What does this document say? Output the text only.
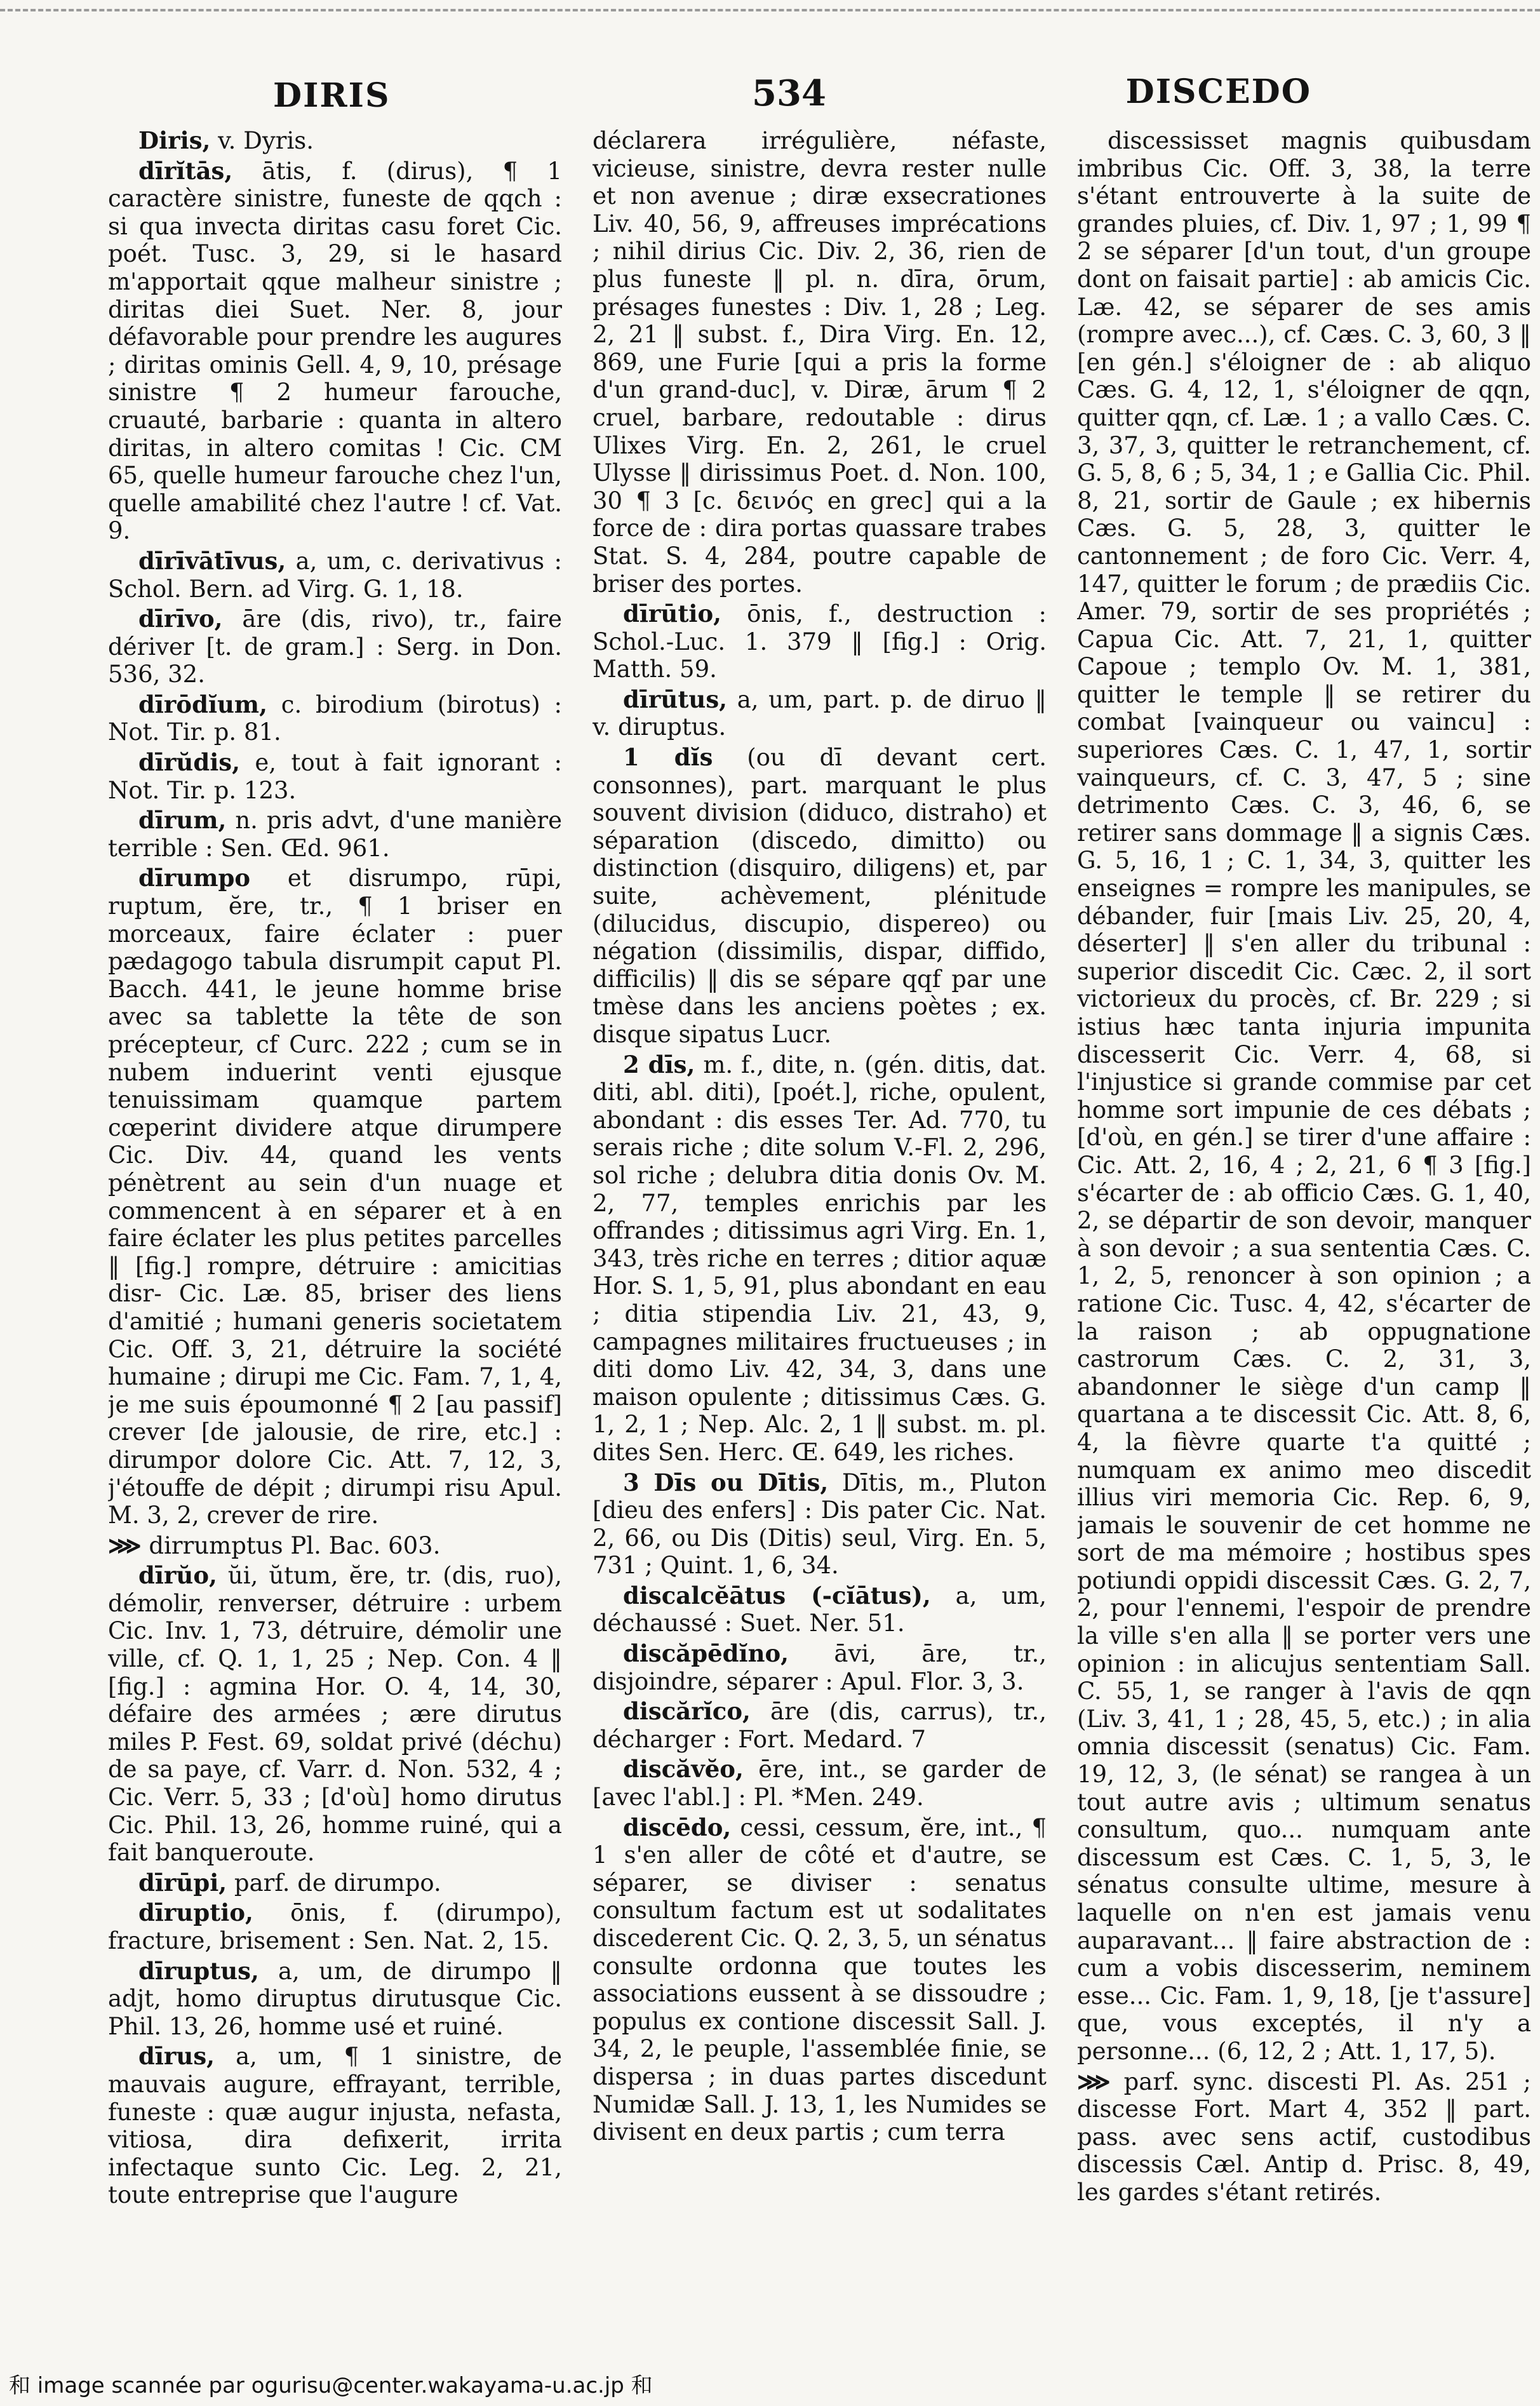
DIRIS	534	DISCEDO

Diris, v. Dyris.

dīrĭtās, ātis, f. (dirus), ¶ 1 caractère sinistre, funeste de qqch : si qua invecta diritas casu foret Cic. poét. Tusc. 3, 29, si le hasard m'apportait qque malheur sinistre ; diritas diei Suet. Ner. 8, jour défavorable pour prendre les augures ; diritas ominis Gell. 4, 9, 10, présage sinistre ¶ 2 humeur farouche, cruauté, barbarie : quanta in altero diritas, in altero comitas ! Cic. CM 65, quelle humeur farouche chez l'un, quelle amabilité chez l'autre ! cf. Vat. 9.

dīrīvātīvus, a, um, c. derivativus : Schol. Bern. ad Virg. G. 1, 18.

dīrīvo, āre (dis, rivo), tr., faire dériver [t. de gram.] : Serg. in Don. 536, 32.

dīrōdĭum, c. birodium (birotus) : Not. Tir. p. 81.

dīrŭdis, e, tout à fait ignorant : Not. Tir. p. 123.

dīrum, n. pris advt, d'une manière terrible : Sen. Œd. 961.

dīrumpo et disrumpo, rūpi, ruptum, ĕre, tr., ¶ 1 briser en morceaux, faire éclater : puer pædagogo tabula disrumpit caput Pl. Bacch. 441, le jeune homme brise avec sa tablette la tête de son précepteur, cf Curc. 222 ; cum se in nubem induerint venti ejusque tenuissimam quamque partem cœperint dividere atque dirumpere Cic. Div. 44, quand les vents pénètrent au sein d'un nuage et commencent à en séparer et à en faire éclater les plus petites parcelles ‖ [fig.] rompre, détruire : amicitias disr- Cic. Læ. 85, briser des liens d'amitié ; humani generis societatem Cic. Off. 3, 21, détruire la société humaine ; dirupi me Cic. Fam. 7, 1, 4, je me suis époumonné ¶ 2 [au passif] crever [de jalousie, de rire, etc.] : dirumpor dolore Cic. Att. 7, 12, 3, j'étouffe de dépit ; dirumpi risu Apul. M. 3, 2, crever de rire.

⋙ dirrumptus Pl. Bac. 603.

dīrŭo, ŭi, ŭtum, ĕre, tr. (dis, ruo), démolir, renverser, détruire : urbem Cic. Inv. 1, 73, détruire, démolir une ville, cf. Q. 1, 1, 25 ; Nep. Con. 4 ‖ [fig.] : agmina Hor. O. 4, 14, 30, défaire des armées ; ære dirutus miles P. Fest. 69, soldat privé (déchu) de sa paye, cf. Varr. d. Non. 532, 4 ; Cic. Verr. 5, 33 ; [d'où] homo dirutus Cic. Phil. 13, 26, homme ruiné, qui a fait banqueroute.

dīrūpi, parf. de dirumpo.

dīruptio, ōnis, f. (dirumpo), fracture, brisement : Sen. Nat. 2, 15.

dīruptus, a, um, de dirumpo ‖ adjt, homo diruptus dirutusque Cic. Phil. 13, 26, homme usé et ruiné.

dīrus, a, um, ¶ 1 sinistre, de mauvais augure, effrayant, terrible, funeste : quæ augur injusta, nefasta, vitiosa, dira defixerit, irrita infectaque sunto Cic. Leg. 2, 21, toute entreprise que l'augure

déclarera irrégulière, néfaste, vicieuse, sinistre, devra rester nulle et non avenue ; diræ exsecrationes Liv. 40, 56, 9, affreuses imprécations ; nihil dirius Cic. Div. 2, 36, rien de plus funeste ‖ pl. n. dīra, ōrum, présages funestes : Div. 1, 28 ; Leg. 2, 21 ‖ subst. f., Dira Virg. En. 12, 869, une Furie [qui a pris la forme d'un grand-duc], v. Diræ, ārum ¶ 2 cruel, barbare, redoutable : dirus Ulixes Virg. En. 2, 261, le cruel Ulysse ‖ dirissimus Poet. d. Non. 100, 30 ¶ 3 [c. δεινός en grec] qui a la force de : dira portas quassare trabes Stat. S. 4, 284, poutre capable de briser des portes.

dīrūtio, ōnis, f., destruction : Schol.-Luc. 1. 379 ‖ [fig.] : Orig. Matth. 59.

dīrūtus, a, um, part. p. de diruo ‖ v. diruptus.

1 dĭs (ou dī devant cert. consonnes), part. marquant le plus souvent division (diduco, distraho) et séparation (discedo, dimitto) ou distinction (disquiro, diligens) et, par suite, achèvement, plénitude (dilucidus, discupio, dispereo) ou négation (dissimilis, dispar, diffido, difficilis) ‖ dis se sépare qqf par une tmèse dans les anciens poètes ; ex. disque sipatus Lucr.

2 dīs, m. f., dite, n. (gén. ditis, dat. diti, abl. diti), [poét.], riche, opulent, abondant : dis esses Ter. Ad. 770, tu serais riche ; dite solum V.-Fl. 2, 296, sol riche ; delubra ditia donis Ov. M. 2, 77, temples enrichis par les offrandes ; ditissimus agri Virg. En. 1, 343, très riche en terres ; ditior aquæ Hor. S. 1, 5, 91, plus abondant en eau ; ditia stipendia Liv. 21, 43, 9, campagnes militaires fructueuses ; in diti domo Liv. 42, 34, 3, dans une maison opulente ; ditissimus Cæs. G. 1, 2, 1 ; Nep. Alc. 2, 1 ‖ subst. m. pl. dites Sen. Herc. Œ. 649, les riches.

3 Dīs ou Dītis, Dītis, m., Pluton [dieu des enfers] : Dis pater Cic. Nat. 2, 66, ou Dis (Ditis) seul, Virg. En. 5, 731 ; Quint. 1, 6, 34.

discalcĕātus (-cĭātus), a, um, déchaussé : Suet. Ner. 51.

discăpēdĭno, āvi, āre, tr., disjoindre, séparer : Apul. Flor. 3, 3.

discărĭco, āre (dis, carrus), tr., décharger : Fort. Medard. 7

discăvĕo, ēre, int., se garder de [avec l'abl.] : Pl. *Men. 249.

discēdo, cessi, cessum, ĕre, int., ¶ 1 s'en aller de côté et d'autre, se séparer, se diviser : senatus consultum factum est ut sodalitates discederent Cic. Q. 2, 3, 5, un sénatus consulte ordonna que toutes les associations eussent à se dissoudre ; populus ex contione discessit Sall. J. 34, 2, le peuple, l'assemblée finie, se dispersa ; in duas partes discedunt Numidæ Sall. J. 13, 1, les Numides se divisent en deux partis ; cum terra

discessisset magnis quibusdam imbribus Cic. Off. 3, 38, la terre s'étant entrouverte à la suite de grandes pluies, cf. Div. 1, 97 ; 1, 99 ¶ 2 se séparer [d'un tout, d'un groupe dont on faisait partie] : ab amicis Cic. Læ. 42, se séparer de ses amis (rompre avec...), cf. Cæs. C. 3, 60, 3 ‖ [en gén.] s'éloigner de : ab aliquo Cæs. G. 4, 12, 1, s'éloigner de qqn, quitter qqn, cf. Læ. 1 ; a vallo Cæs. C. 3, 37, 3, quitter le retranchement, cf. G. 5, 8, 6 ; 5, 34, 1 ; e Gallia Cic. Phil. 8, 21, sortir de Gaule ; ex hibernis Cæs. G. 5, 28, 3, quitter le cantonnement ; de foro Cic. Verr. 4, 147, quitter le forum ; de prædiis Cic. Amer. 79, sortir de ses propriétés ; Capua Cic. Att. 7, 21, 1, quitter Capoue ; templo Ov. M. 1, 381, quitter le temple ‖ se retirer du combat [vainqueur ou vaincu] : superiores Cæs. C. 1, 47, 1, sortir vainqueurs, cf. C. 3, 47, 5 ; sine detrimento Cæs. C. 3, 46, 6, se retirer sans dommage ‖ a signis Cæs. G. 5, 16, 1 ; C. 1, 34, 3, quitter les enseignes = rompre les manipules, se débander, fuir [mais Liv. 25, 20, 4, déserter] ‖ s'en aller du tribunal : superior discedit Cic. Cæc. 2, il sort victorieux du procès, cf. Br. 229 ; si istius hæc tanta injuria impunita discesserit Cic. Verr. 4, 68, si l'injustice si grande commise par cet homme sort impunie de ces débats ; [d'où, en gén.] se tirer d'une affaire : Cic. Att. 2, 16, 4 ; 2, 21, 6 ¶ 3 [fig.] s'écarter de : ab officio Cæs. G. 1, 40, 2, se départir de son devoir, manquer à son devoir ; a sua sententia Cæs. C. 1, 2, 5, renoncer à son opinion ; a ratione Cic. Tusc. 4, 42, s'écarter de la raison ; ab oppugnatione castrorum Cæs. C. 2, 31, 3, abandonner le siège d'un camp ‖ quartana a te discessit Cic. Att. 8, 6, 4, la fièvre quarte t'a quitté ; numquam ex animo meo discedit illius viri memoria Cic. Rep. 6, 9, jamais le souvenir de cet homme ne sort de ma mémoire ; hostibus spes potiundi oppidi discessit Cæs. G. 2, 7, 2, pour l'ennemi, l'espoir de prendre la ville s'en alla ‖ se porter vers une opinion : in alicujus sententiam Sall. C. 55, 1, se ranger à l'avis de qqn (Liv. 3, 41, 1 ; 28, 45, 5, etc.) ; in alia omnia discessit (senatus) Cic. Fam. 19, 12, 3, (le sénat) se rangea à un tout autre avis ; ultimum senatus consultum, quo... numquam ante discessum est Cæs. C. 1, 5, 3, le sénatus consulte ultime, mesure à laquelle on n'en est jamais venu auparavant... ‖ faire abstraction de : cum a vobis discesserim, neminem esse... Cic. Fam. 1, 9, 18, [je t'assure] que, vous exceptés, il n'y a personne... (6, 12, 2 ; Att. 1, 17, 5).

⋙ parf. sync. discesti Pl. As. 251 ; discesse Fort. Mart 4, 352 ‖ part. pass. avec sens actif, custodibus discessis Cæl. Antip d. Prisc. 8, 49, les gardes s'étant retirés.

和 image scannée par ogurisu@center.wakayama-u.ac.jp 和
